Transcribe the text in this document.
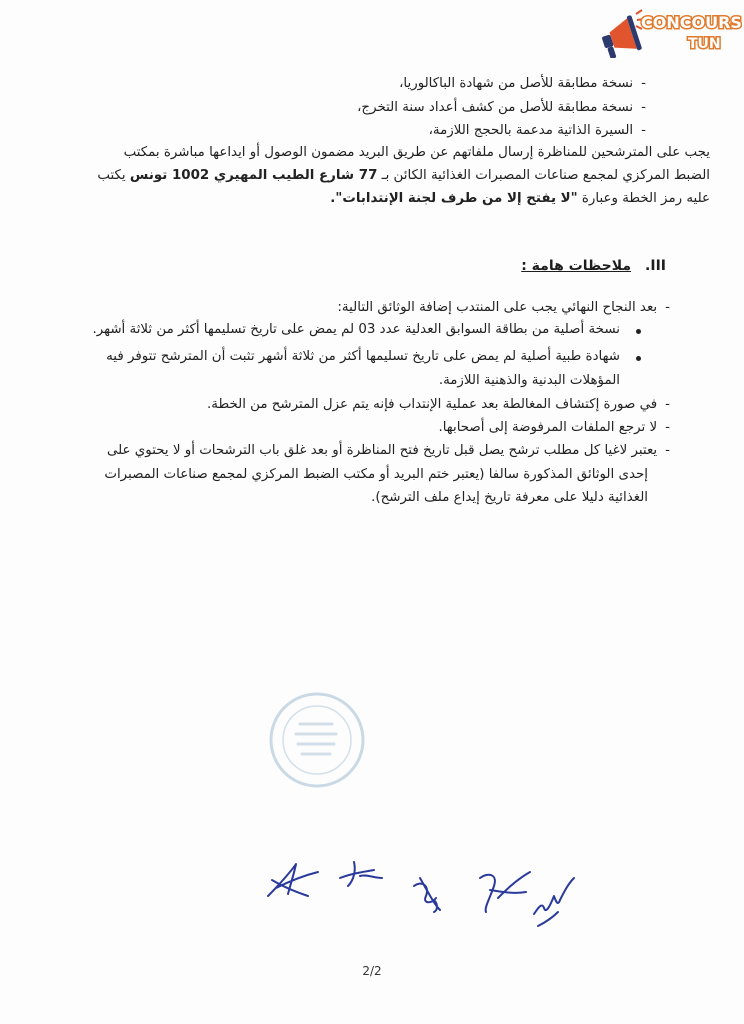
CONCOURS
TUN
-نسخة مطابقة للأصل من شهادة الباكالوريا،
-نسخة مطابقة للأصل من كشف أعداد سنة التخرج،
-السيرة الذاتية مدعمة بالحجج اللازمة،
يجب على المترشحين للمناظرة إرسال ملفاتهم عن طريق البريد مضمون الوصول أو ايداعها مباشرة بمكتب
الضبط المركزي لمجمع صناعات المصبرات الغذائية الكائن بـ 77 شارع الطيب المهيري 1002 تونس يكتب
عليه رمز الخطة وعبارة "لا يفتح إلا من طرف لجنة الإنتدابات".
III.ملاحظات هامة :
-بعد النجاح النهائي يجب على المنتدب إضافة الوثائق التالية:
نسخة أصلية من بطاقة السوابق العدلية عدد 03 لم يمض على تاريخ تسليمها أكثر من ثلاثة أشهر.
شهادة طبية أصلية لم يمض على تاريخ تسليمها أكثر من ثلاثة أشهر تثبت أن المترشح تتوفر فيه
المؤهلات البدنية والذهنية اللازمة.
-في صورة إكتشاف المغالطة بعد عملية الإنتداب فإنه يتم عزل المترشح من الخطة.
-لا ترجع الملفات المرفوضة إلى أصحابها.
-يعتبر لاغيا كل مطلب ترشح يصل قبل تاريخ فتح المناظرة أو بعد غلق باب الترشحات أو لا يحتوي على
إحدى الوثائق المذكورة سالفا (يعتبر ختم البريد أو مكتب الضبط المركزي لمجمع صناعات المصبرات
الغذائية دليلا على معرفة تاريخ إيداع ملف الترشح).
2/2
